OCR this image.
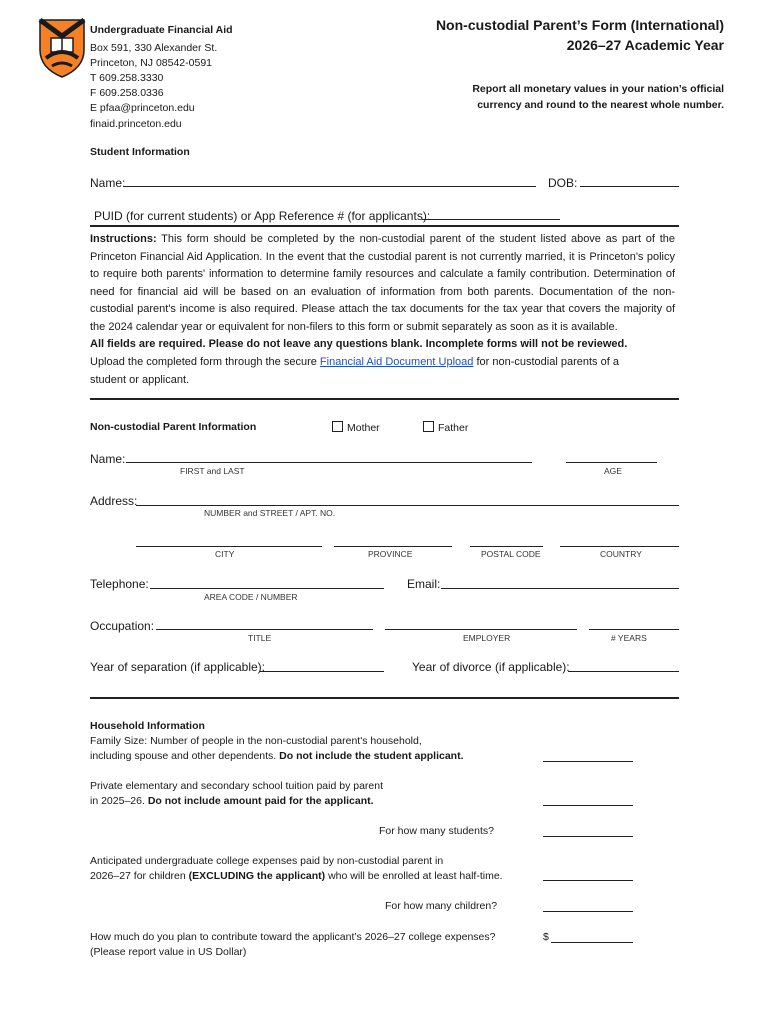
Undergraduate Financial Aid
Box 591, 330 Alexander St.
Princeton, NJ 08542-0591
T 609.258.3330
F 609.258.0336
E pfaa@princeton.edu
finaid.princeton.edu
Non-custodial Parent’s Form (International)
2026–27 Academic Year
Report all monetary values in your nation’s official
currency and round to the nearest whole number.
Student Information
Name:	DOB:
PUID (for current students) or App Reference # (for applicants):
Instructions: This form should be completed by the non-custodial parent of the student listed above as part of the Princeton Financial Aid Application. In the event that the custodial parent is not currently married, it is Princeton's policy to require both parents' information to determine family resources and calculate a family contribution. Determination of need for financial aid will be based on an evaluation of information from both parents. Documentation of the non-custodial parent's income is also required. Please attach the tax documents for the tax year that covers the majority of the 2024 calendar year or equivalent for non-filers to this form or submit separately as soon as it is available.
All fields are required. Please do not leave any questions blank. Incomplete forms will not be reviewed.
Upload the completed form through the secure Financial Aid Document Upload for non-custodial parents of a student or applicant.
Non-custodial Parent Information	Mother	Father
Name:
FIRST and LAST	AGE
Address:
NUMBER and STREET / APT. NO.
CITY	PROVINCE	POSTAL CODE	COUNTRY
Telephone:
AREA CODE / NUMBER
Email:
Occupation:
TITLE	EMPLOYER	# YEARS
Year of separation (if applicable):	Year of divorce (if applicable):
Household Information
Family Size: Number of people in the non-custodial parent's household,
including spouse and other dependents. Do not include the student applicant.
Private elementary and secondary school tuition paid by parent
in 2025–26. Do not include amount paid for the applicant.
For how many students?
Anticipated undergraduate college expenses paid by non-custodial parent in
2026–27 for children (EXCLUDING the applicant) who will be enrolled at least half-time.
For how many children?
How much do you plan to contribute toward the applicant’s 2026–27 college expenses?	$
(Please report value in US Dollar)
